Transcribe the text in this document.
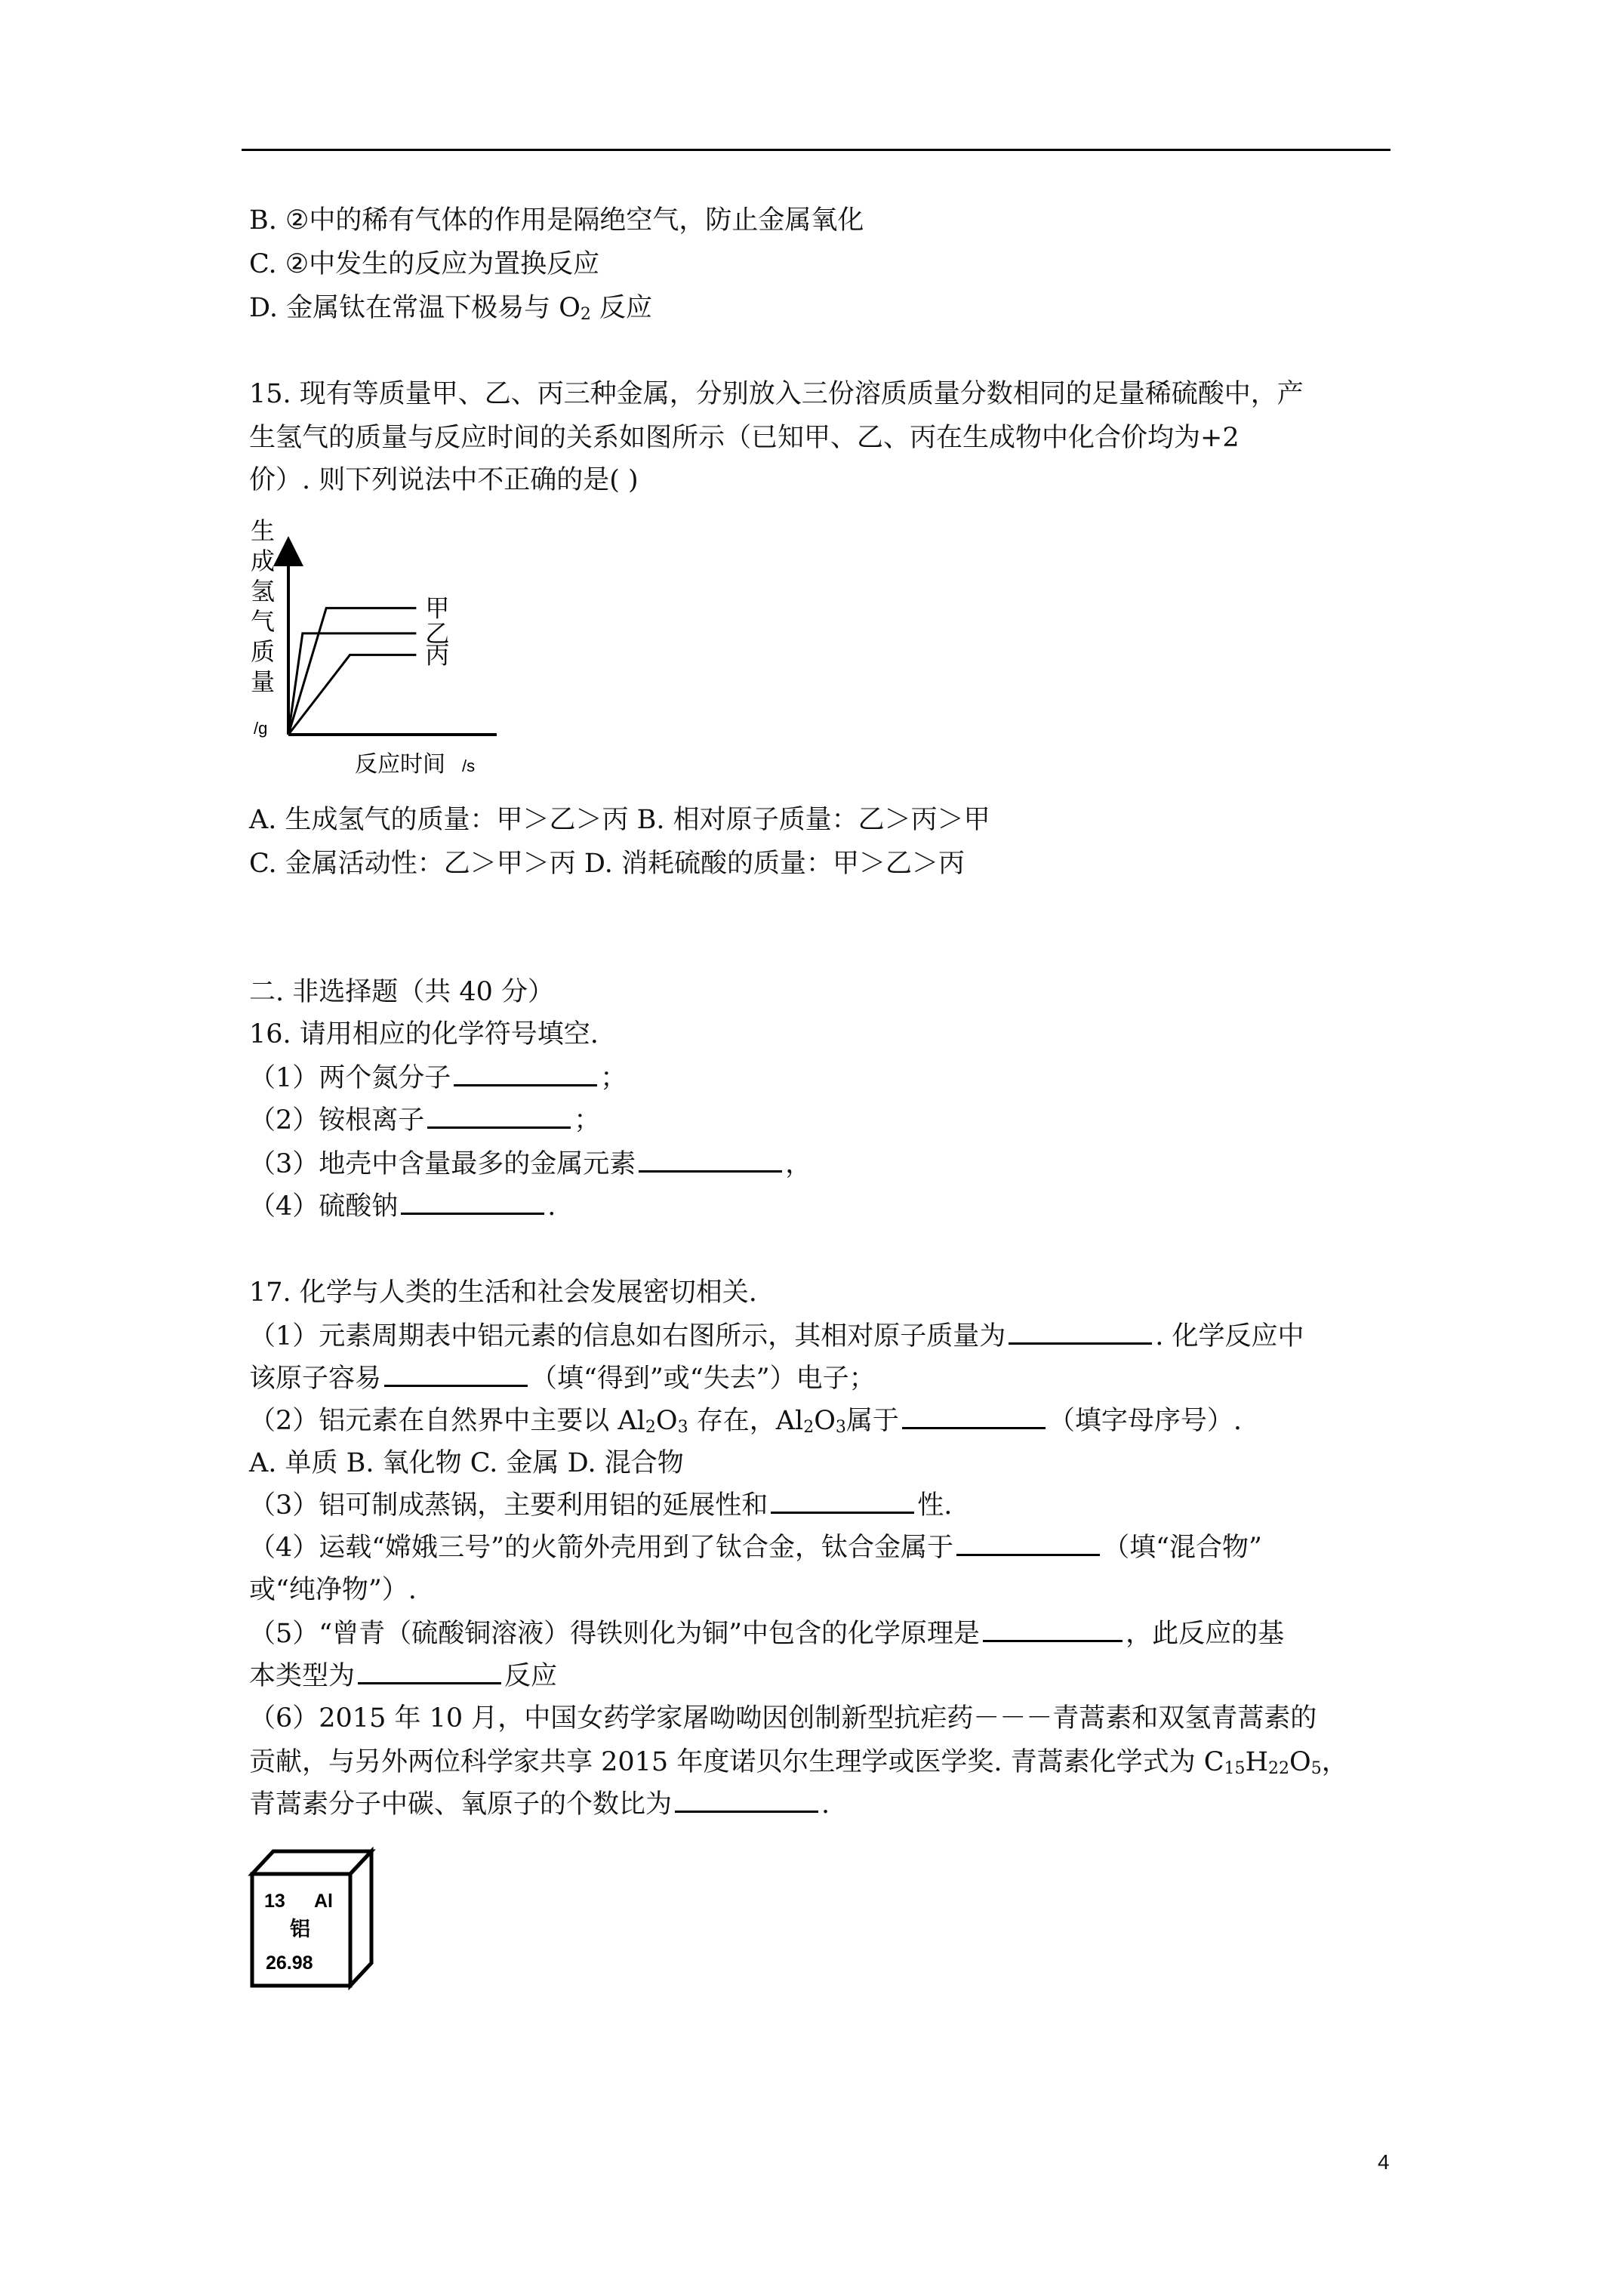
B. ②中的稀有气体的作用是隔绝空气，防止金属氧化
C. ②中发生的反应为置换反应
D. 金属钛在常温下极易与 $O_2$ 反应
15. 现有等质量甲、乙、丙三种金属，分别放入三份溶质质量分数相同的足量稀硫酸中，产
生氢气的质量与反应时间的关系如图所示（已知甲、乙、丙在生成物中化合价均为+2
价）. 则下列说法中不正确的是( )
生
成
氢
气
质
量
/g
甲
乙
丙
反应时间 /s
A. 生成氢气的质量：甲＞乙＞丙 B. 相对原子质量：乙＞丙＞甲
C. 金属活动性：乙＞甲＞丙 D. 消耗硫酸的质量：甲＞乙＞丙
二. 非选择题（共 40 分）
16. 请用相应的化学符号填空.
（1）两个氮分子	；
（2）铵根离子	；
（3）地壳中含量最多的金属元素	，
（4）硫酸钠	.
17. 化学与人类的生活和社会发展密切相关.
（1）元素周期表中铝元素的信息如右图所示，其相对原子质量为	. 化学反应中
该原子容易	（填“得到”或“失去”）电子；
（2）铝元素在自然界中主要以 $Al_2O_3$ 存在，$Al_2O_3$属于	（填字母序号）.
A. 单质 B. 氧化物 C. 金属 D. 混合物
（3）铝可制成蒸锅，主要利用铝的延展性和	性.
（4）运载“嫦娥三号”的火箭外壳用到了钛合金，钛合金属于	（填“混合物”
或“纯净物”）.
（5）“曾青（硫酸铜溶液）得铁则化为铜”中包含的化学原理是	，此反应的基
本类型为	反应
（6）2015 年 10 月，中国女药学家屠呦呦因创制新型抗疟药－－－青蒿素和双氢青蒿素的
贡献，与另外两位科学家共享 2015 年度诺贝尔生理学或医学奖. 青蒿素化学式为 $C_{15}H_{22}O_5$，
青蒿素分子中碳、氧原子的个数比为	.
13 Al
铝
26.98
4
